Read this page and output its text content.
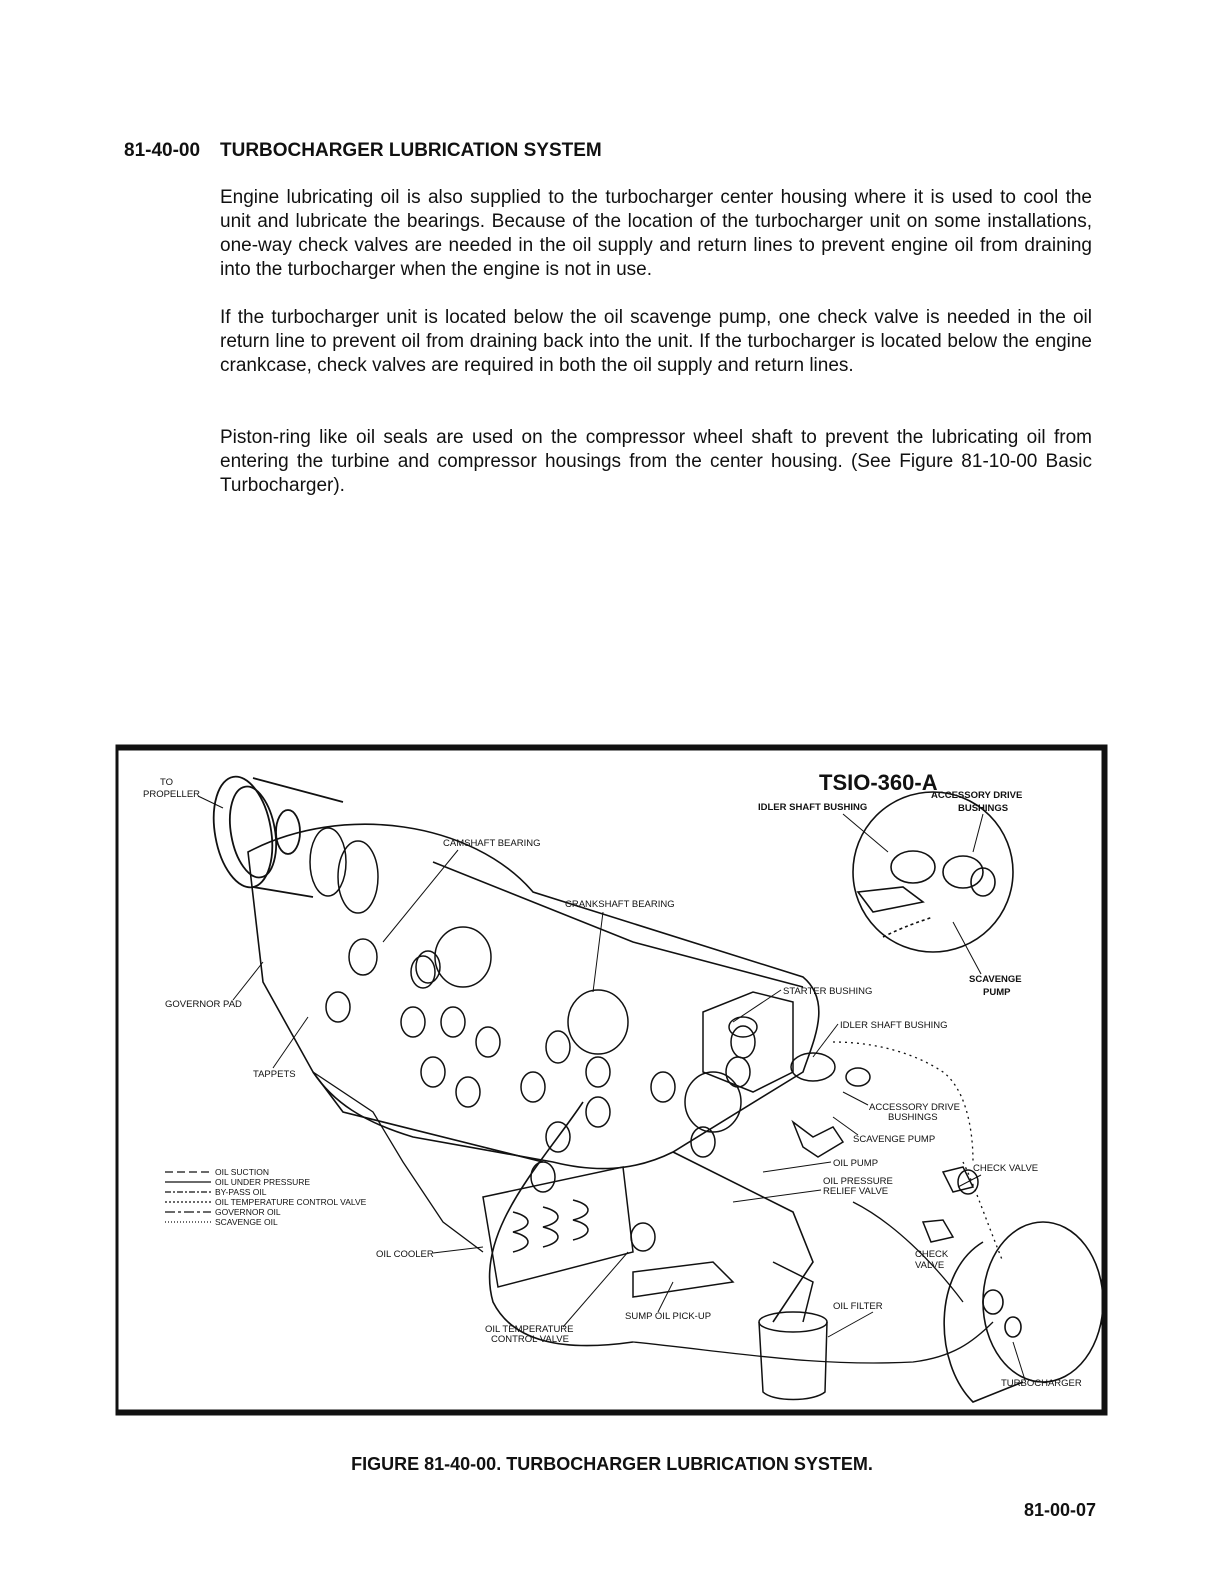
81-40-00 TURBOCHARGER LUBRICATION SYSTEM
Engine lubricating oil is also supplied to the turbocharger center housing where it is used to cool the unit and lubricate the bearings. Because of the location of the turbocharger unit on some installations, one-way check valves are needed in the oil supply and return lines to prevent engine oil from draining into the turbocharger when the engine is not in use.
If the turbocharger unit is located below the oil scavenge pump, one check valve is needed in the oil return line to prevent oil from draining back into the unit. If the turbocharger is located below the engine crankcase, check valves are required in both the oil supply and return lines.
Piston-ring like oil seals are used on the compressor wheel shaft to prevent the lubricating oil from entering the turbine and compressor housings from the center housing. (See Figure 81-10-00 Basic Turbocharger).
TSIO-360-A
TO
PROPELLER
CAMSHAFT BEARING
CRANKSHAFT BEARING
GOVERNOR PAD
TAPPETS
IDLER SHAFT BUSHING
ACCESSORY DRIVE
BUSHINGS
SCAVENGE
PUMP
STARTER BUSHING
IDLER SHAFT BUSHING
ACCESSORY DRIVE
BUSHINGS
SCAVENGE PUMP
OIL PUMP
OIL PRESSURE
RELIEF VALVE
CHECK VALVE
CHECK
VALVE
OIL COOLER
OIL FILTER
SUMP OIL PICK-UP
OIL TEMPERATURE
CONTROL VALVE
TURBOCHARGER
OIL SUCTION
OIL UNDER PRESSURE
BY-PASS OIL
OIL TEMPERATURE CONTROL VALVE
GOVERNOR OIL
SCAVENGE OIL
FIGURE 81-40-00. TURBOCHARGER LUBRICATION SYSTEM.
81-00-07
